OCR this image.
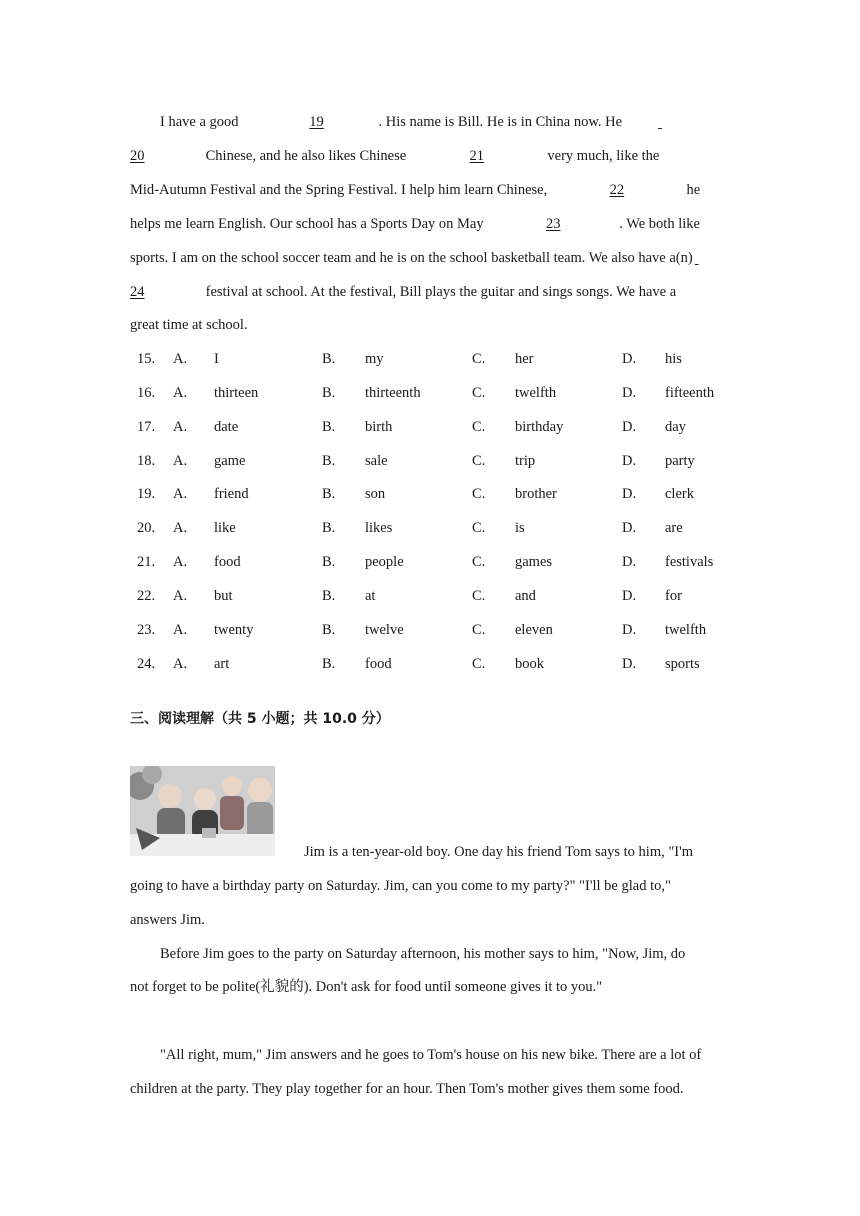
I have a good	19	. His name is Bill. He is in China now. He
20	Chinese, and he also likes Chinese	21	very much, like the
Mid-Autumn Festival and the Spring Festival. I help him learn Chinese,	22	he
helps me learn English. Our school has a Sports Day on May	23	. We both like
sports. I am on the school soccer team and he is on the school basketball team. We also have a(n)
24	festival at school. At the festival, Bill plays the guitar and sings songs. We have a
great time at school.
15. A. I	B. my	C. her	D. his
16. A. thirteen	B. thirteenth	C. twelfth	D. fifteenth
17. A. date	B. birth	C. birthday	D. day
18. A. game	B. sale	C. trip	D. party
19. A. friend	B. son	C. brother	D. clerk
20. A. like	B. likes	C. is	D. are
21. A. food	B. people	C. games	D. festivals
22. A. but	B. at	C. and	D. for
23. A. twenty	B. twelve	C. eleven	D. twelfth
24. A. art	B. food	C. book	D. sports
三、阅读理解（共 5 小题；共 10.0 分）
Jim is a ten-year-old boy. One day his friend Tom says to him, "I'm
going to have a birthday party on Saturday. Jim, can you come to my party?" "I'll be glad to,"
answers Jim.
Before Jim goes to the party on Saturday afternoon, his mother says to him, "Now, Jim, do
not forget to be polite(礼貌的). Don't ask for food until someone gives it to you."
"All right, mum," Jim answers and he goes to Tom's house on his new bike. There are a lot of
children at the party. They play together for an hour. Then Tom's mother gives them some food.
